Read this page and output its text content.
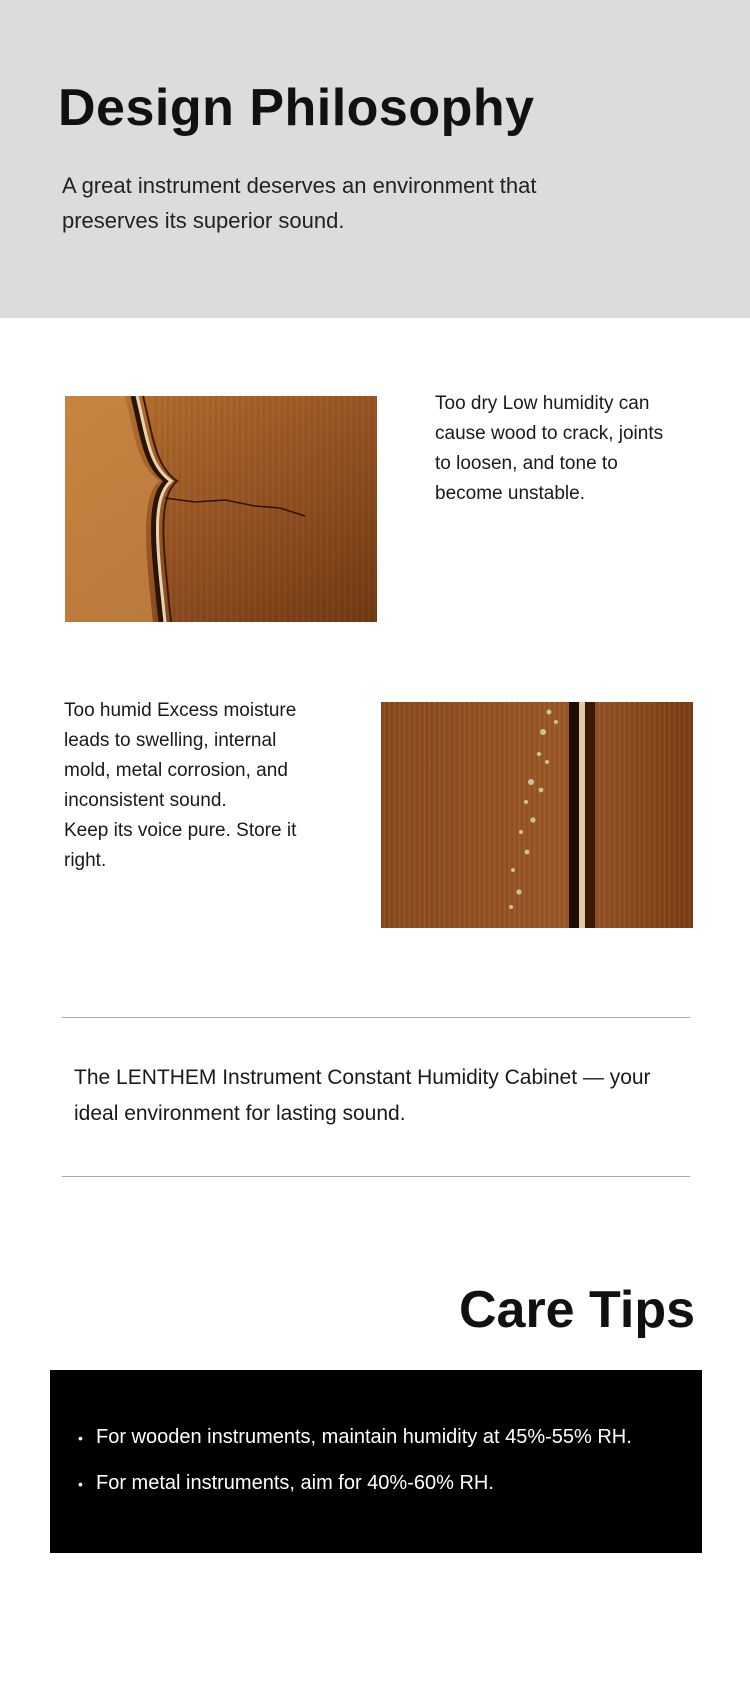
Design Philosophy

A great instrument deserves an environment that preserves its superior sound.

Too dry Low humidity can cause wood to crack, joints to loosen, and tone to become unstable.

Too humid Excess moisture leads to swelling, internal mold, metal corrosion, and inconsistent sound.
Keep its voice pure. Store it right.

The LENTHEM Instrument Constant Humidity Cabinet — your ideal environment for lasting sound.

Care Tips
• For wooden instruments, maintain humidity at 45%-55% RH.
• For metal instruments, aim for 40%-60% RH.
